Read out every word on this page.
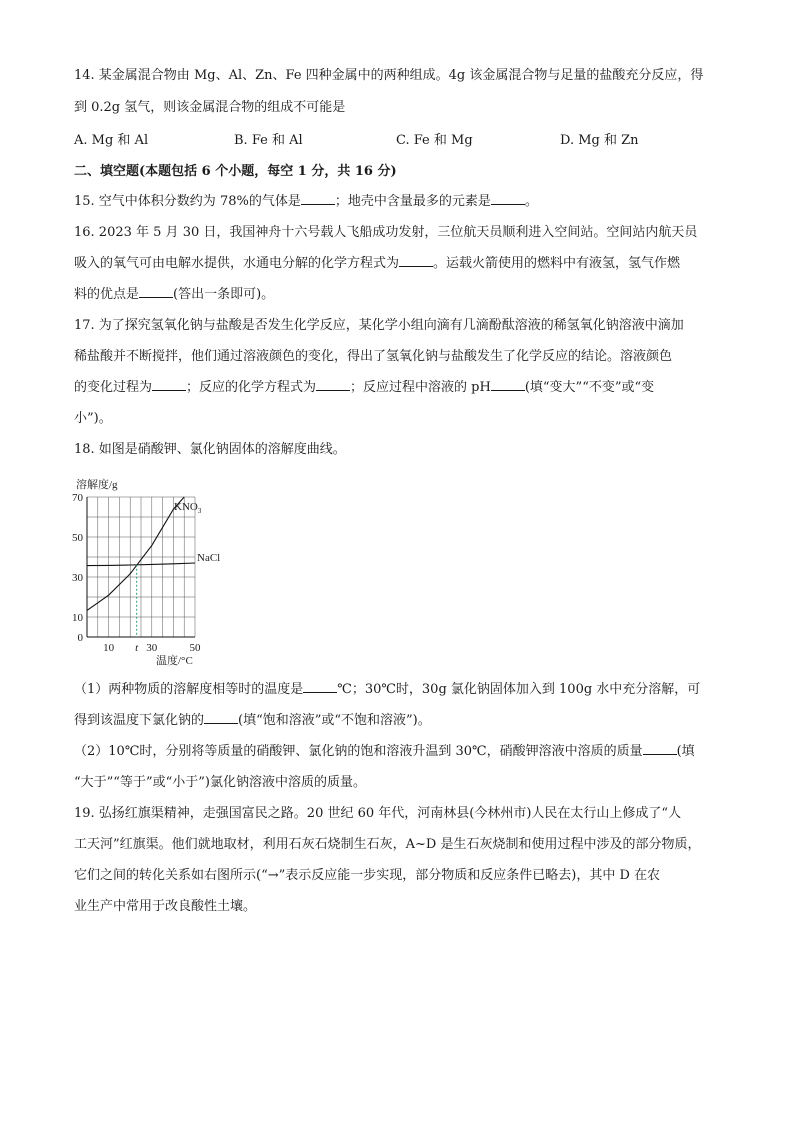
14. 某金属混合物由 Mg、Al、Zn、Fe 四种金属中的两种组成。4g 该金属混合物与足量的盐酸充分反应，得
到 0.2g 氢气，则该金属混合物的组成不可能是
A. Mg 和 Al	B. Fe 和 Al	C. Fe 和 Mg	D. Mg 和 Zn
二、填空题(本题包括 6 个小题，每空 1 分，共 16 分)
15. 空气中体积分数约为 78%的气体是	；地壳中含量最多的元素是	。
16. 2023 年 5 月 30 日，我国神舟十六号载人飞船成功发射，三位航天员顺利进入空间站。空间站内航天员
吸入的氧气可由电解水提供，水通电分解的化学方程式为	。运载火箭使用的燃料中有液氢，氢气作燃
料的优点是	(答出一条即可)。
17. 为了探究氢氧化钠与盐酸是否发生化学反应，某化学小组向滴有几滴酚酞溶液的稀氢氧化钠溶液中滴加
稀盐酸并不断搅拌，他们通过溶液颜色的变化，得出了氢氧化钠与盐酸发生了化学反应的结论。溶液颜色
的变化过程为	；反应的化学方程式为	；反应过程中溶液的 pH	(填“变大”“不变”或“变
小”)。
18. 如图是硝酸钾、氯化钠固体的溶解度曲线。
70
50
30
10
0
10 t 30	50
溶解度/g
温度/°C
$KNO_3$
NaCl
（1）两种物质的溶解度相等时的温度是	℃；30℃时，30g 氯化钠固体加入到 100g 水中充分溶解，可
得到该温度下氯化钠的	(填“饱和溶液”或“不饱和溶液”)。
（2）10℃时，分别将等质量的硝酸钾、氯化钠的饱和溶液升温到 30℃，硝酸钾溶液中溶质的质量	(填
“大于”“等于”或“小于”)氯化钠溶液中溶质的质量。
19. 弘扬红旗渠精神，走强国富民之路。20 世纪 60 年代，河南林县(今林州市)人民在太行山上修成了“人
工天河”红旗渠。他们就地取材，利用石灰石烧制生石灰，A~D 是生石灰烧制和使用过程中涉及的部分物质，
它们之间的转化关系如右图所示(“→”表示反应能一步实现，部分物质和反应条件已略去)，其中 D 在农
业生产中常用于改良酸性土壤。
